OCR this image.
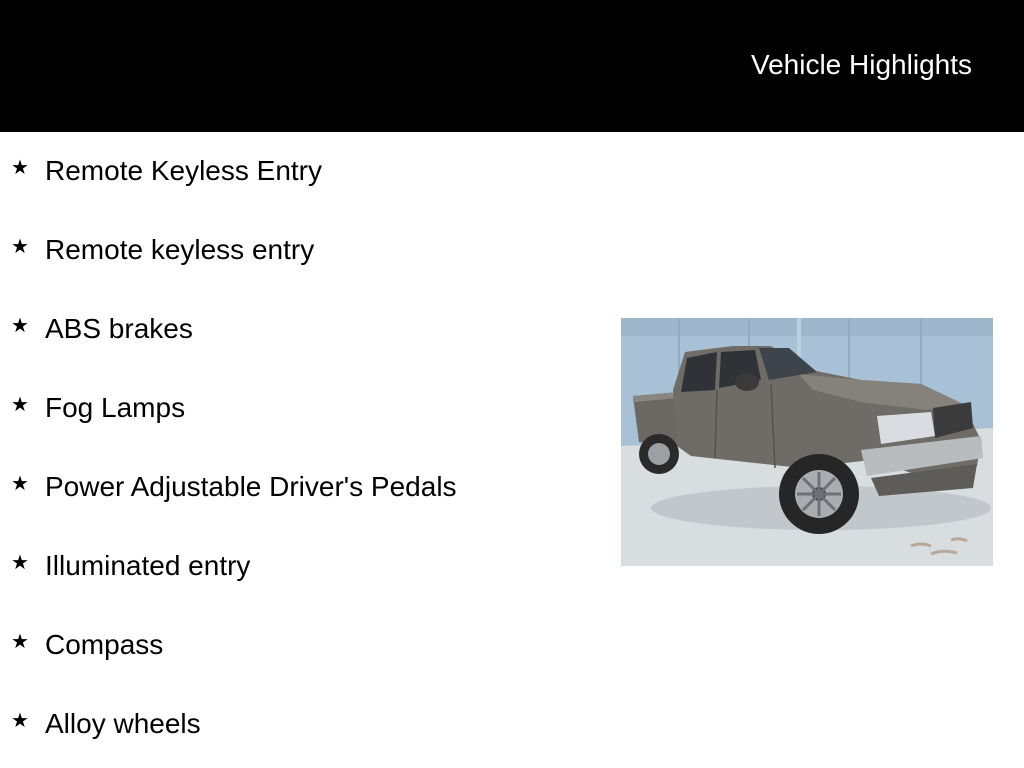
Vehicle Highlights
★ Remote Keyless Entry
★ Remote keyless entry
★ ABS brakes
★ Fog Lamps
★ Power Adjustable Driver's Pedals
★ Illuminated entry
★ Compass
★ Alloy wheels
